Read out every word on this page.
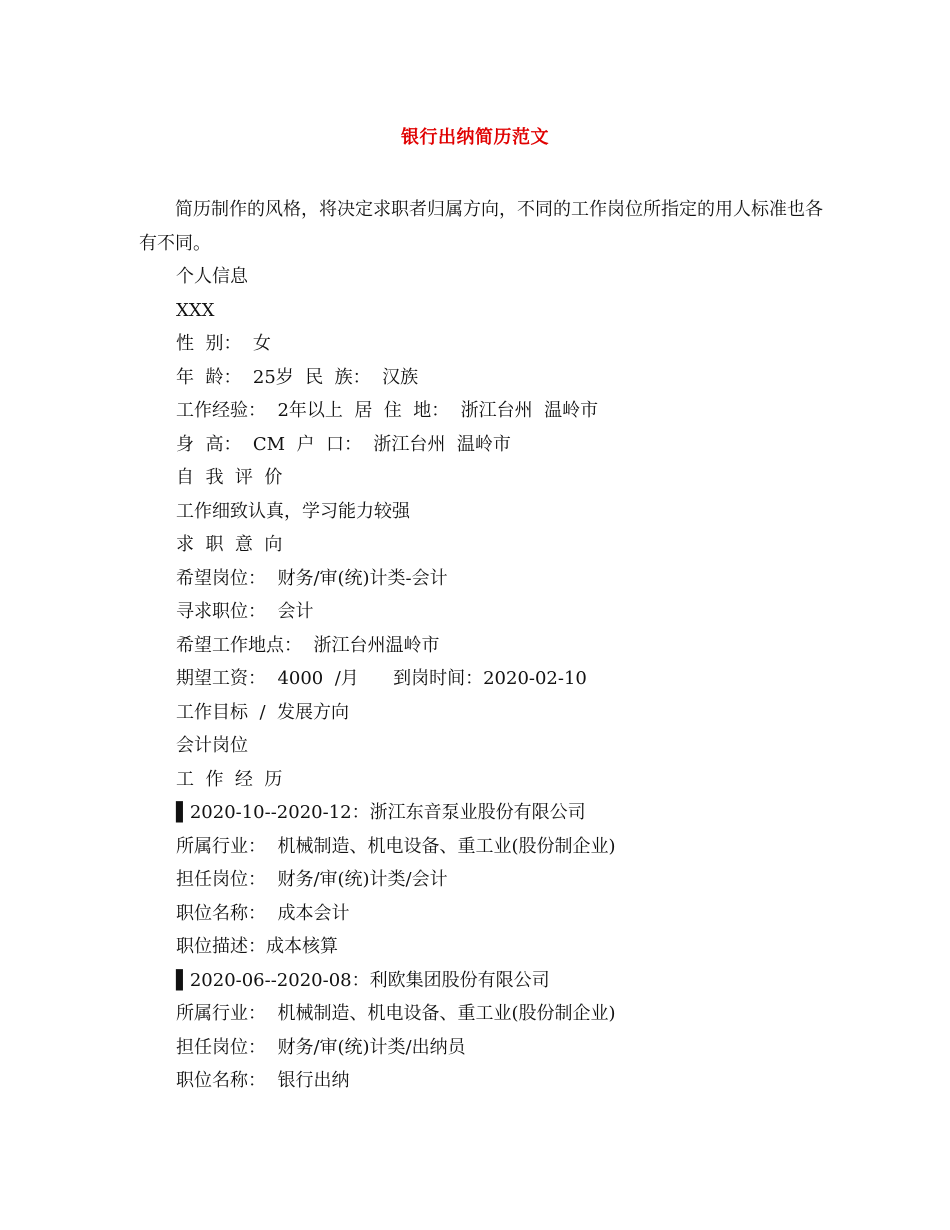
银行出纳简历范文
简历制作的风格，将决定求职者归属方向，不同的工作岗位所指定的用人标准也各有不同。
个人信息
XXX
性  别：  女
年  龄：  25岁  民  族：  汉族
工作经验：  2年以上  居  住  地：  浙江台州  温岭市
身  高：  CM  户  口：  浙江台州  温岭市
自  我  评  价
工作细致认真，学习能力较强
求  职  意  向
希望岗位：  财务/审(统)计类-会计
寻求职位：  会计
希望工作地点：  浙江台州温岭市
期望工资：  4000  /月      到岗时间：2020-02-10
工作目标  /  发展方向
会计岗位
工  作  经  历
▌2020-10--2020-12：浙江东音泵业股份有限公司
所属行业：  机械制造、机电设备、重工业(股份制企业)
担任岗位：  财务/审(统)计类/会计
职位名称：  成本会计
职位描述：成本核算
▌2020-06--2020-08：利欧集团股份有限公司
所属行业：  机械制造、机电设备、重工业(股份制企业)
担任岗位：  财务/审(统)计类/出纳员
职位名称：  银行出纳
